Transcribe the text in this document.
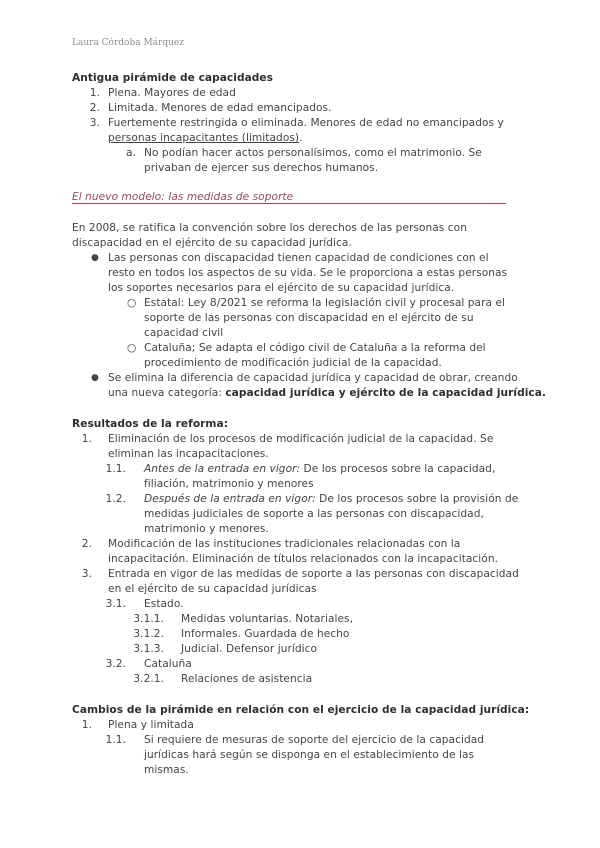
Laura Córdoba Márquez
Antigua pirámide de capacidades
1. Plena. Mayores de edad
2. Limitada. Menores de edad emancipados.
3. Fuertemente restringida o eliminada. Menores de edad no emancipados y
personas incapacitantes (limitados).
a. No podían hacer actos personalísimos, como el matrimonio. Se
privaban de ejercer sus derechos humanos.
El nuevo modelo: las medidas de soporte
En 2008, se ratifica la convención sobre los derechos de las personas con
discapacidad en el ejército de su capacidad jurídica.
● Las personas con discapacidad tienen capacidad de condiciones con el
resto en todos los aspectos de su vida. Se le proporciona a estas personas
los soportes necesarios para el ejército de su capacidad jurídica.
○ Estatal: Ley 8/2021 se reforma la legislación civil y procesal para el
soporte de las personas con discapacidad en el ejército de su
capacidad civil
○ Cataluña; Se adapta el código civil de Cataluña a la reforma del
procedimiento de modificación judicial de la capacidad.
● Se elimina la diferencia de capacidad jurídica y capacidad de obrar, creando
una nueva categoría: capacidad jurídica y ejército de la capacidad jurídica.
Resultados de la reforma:
1. Eliminación de los procesos de modificación judicial de la capacidad. Se
eliminan las incapacitaciones.
1.1. Antes de la entrada en vigor: De los procesos sobre la capacidad,
filiación, matrimonio y menores
1.2. Después de la entrada en vigor: De los procesos sobre la provisión de
medidas judiciales de soporte a las personas con discapacidad,
matrimonio y menores.
2. Modificación de las instituciones tradicionales relacionadas con la
incapacitación. Eliminación de títulos relacionados con la incapacitación.
3. Entrada en vigor de las medidas de soporte a las personas con discapacidad
en el ejército de su capacidad jurídicas
3.1. Estado.
3.1.1. Medidas voluntarias. Notariales,
3.1.2. Informales. Guardada de hecho
3.1.3. Judicial. Defensor jurídico
3.2. Cataluña
3.2.1. Relaciones de asistencia
Cambios de la pirámide en relación con el ejercicio de la capacidad jurídica:
1. Plena y limitada
1.1. Si requiere de mesuras de soporte del ejercicio de la capacidad
jurídicas hará según se disponga en el establecimiento de las
mismas.
